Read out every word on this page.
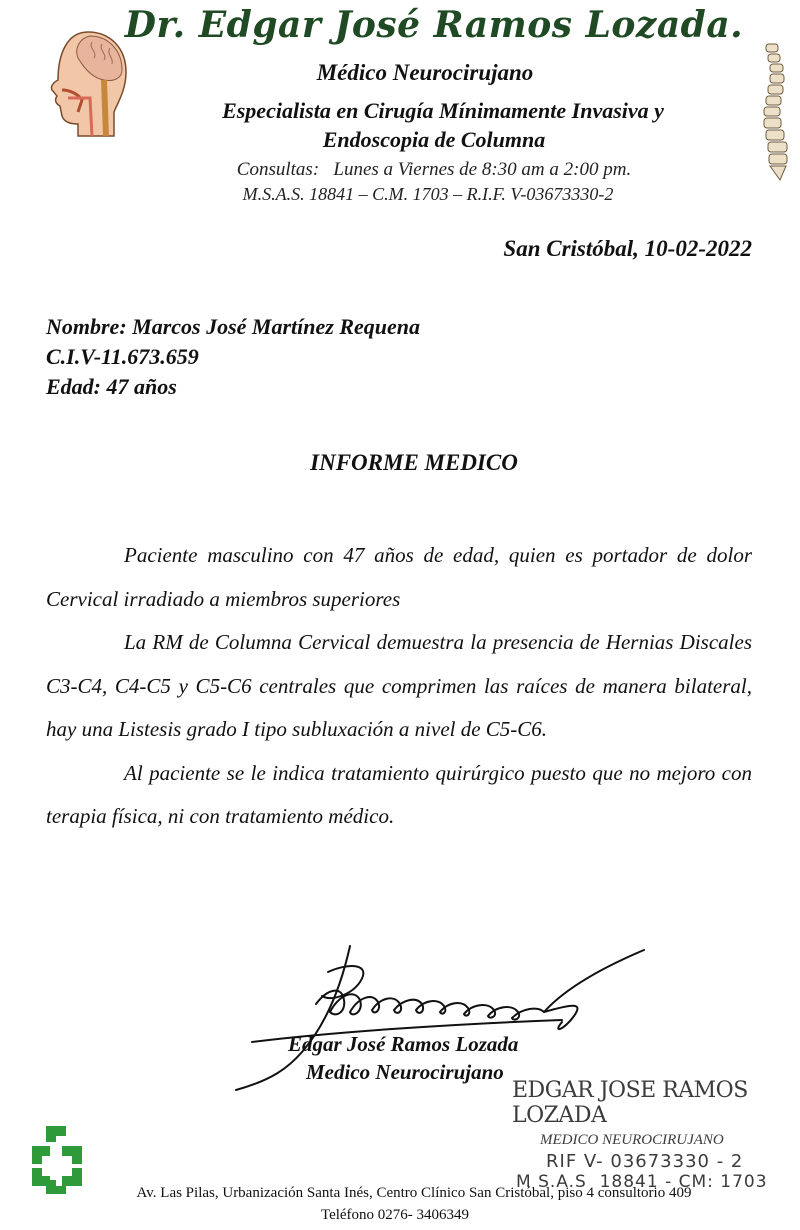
Dr. Edgar José Ramos Lozada.
Médico Neurocirujano
Especialista en Cirugía Mínimamente Invasiva y
Endoscopia de Columna
Consultas:   Lunes a Viernes de 8:30 am a 2:00 pm.
M.S.A.S. 18841 – C.M. 1703 – R.I.F. V-03673330-2
San Cristóbal, 10-02-2022
Nombre: Marcos José Martínez Requena
C.I.V-11.673.659
Edad: 47 años
INFORME MEDICO

Paciente masculino con 47 años de edad, quien es portador de dolor Cervical irradiado a miembros superiores

La RM de Columna Cervical demuestra la presencia de Hernias Discales C3-C4, C4-C5 y C5-C6 centrales que comprimen las raíces de manera bilateral, hay una Listesis grado I tipo subluxación a nivel de C5-C6.

Al paciente se le indica tratamiento quirúrgico puesto que no mejoro con terapia física, ni con tratamiento médico.

Edgar José Ramos Lozada
Medico Neurocirujano
EDGAR JOSE RAMOS LOZADA
MEDICO NEUROCIRUJANO
RIF V- 03673330 - 2
M S.A.S  18841 - CM: 1703
Av. Las Pilas, Urbanización Santa Inés, Centro Clínico San Cristóbal, piso 4 consultorio 409
Teléfono 0276- 3406349
